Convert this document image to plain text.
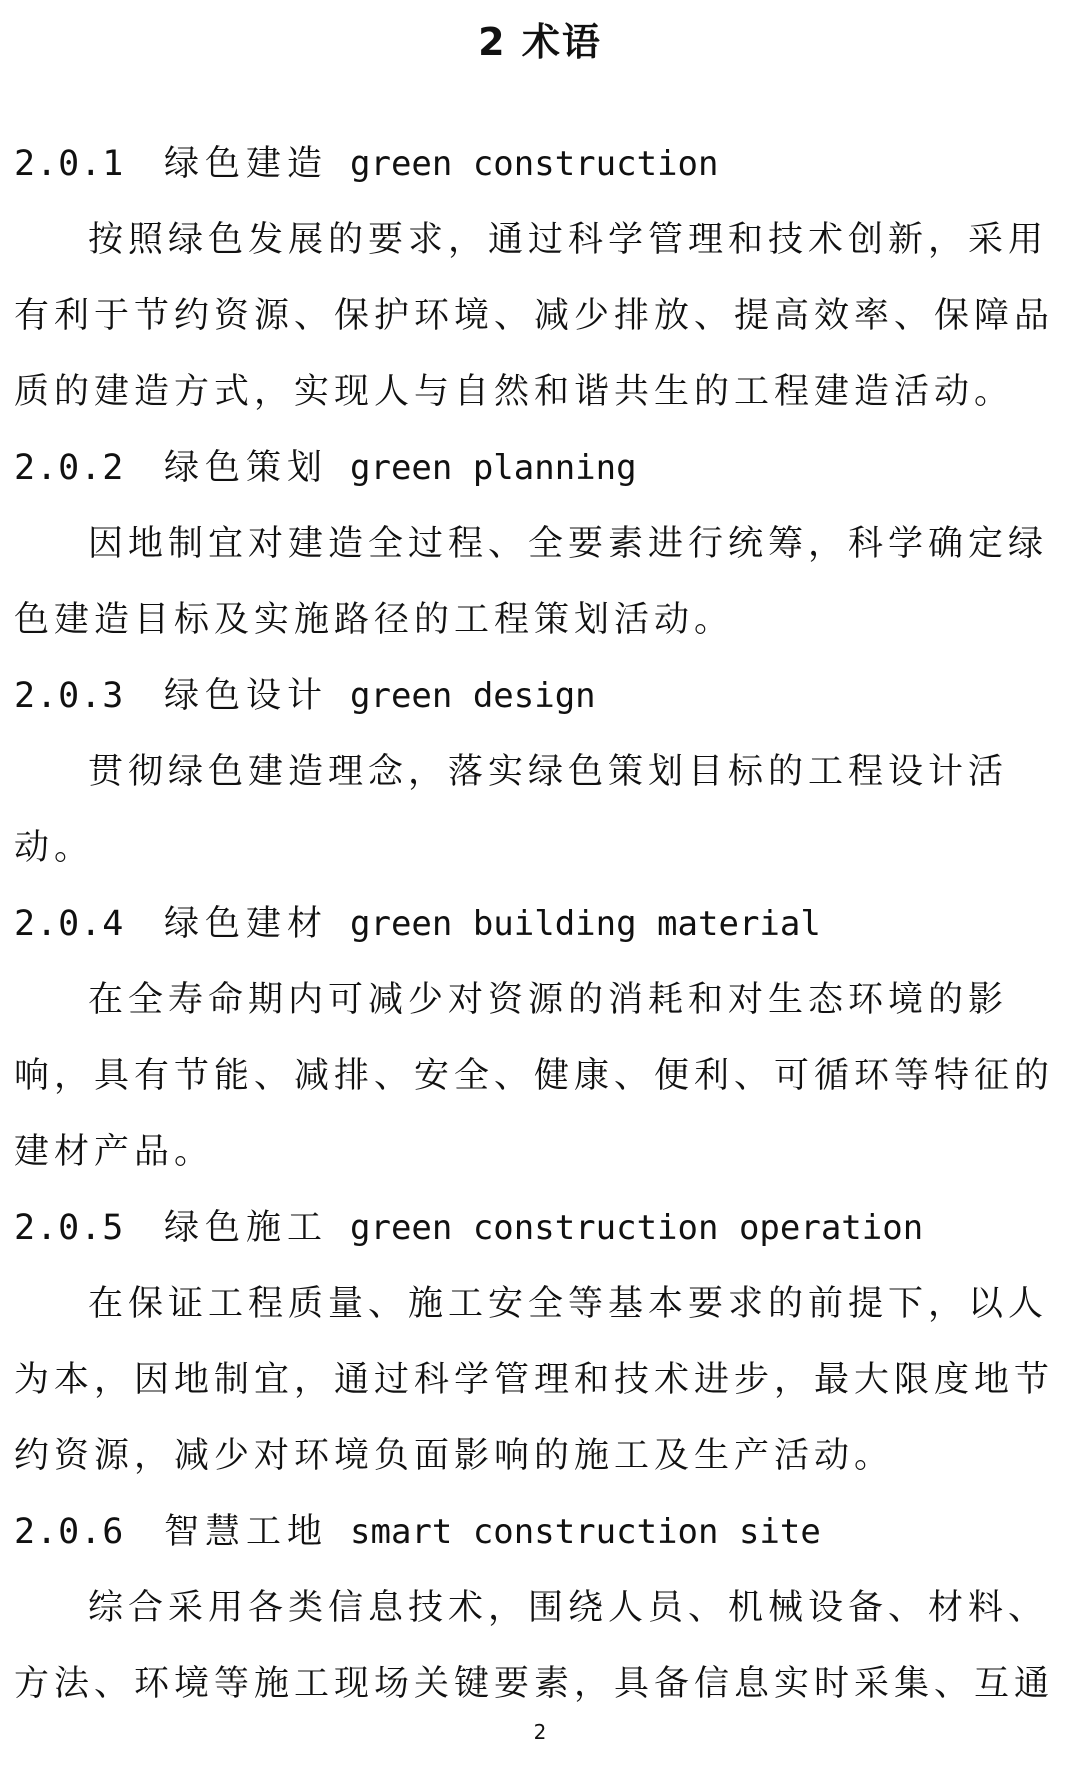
2 术语
2.0.1	绿色建造 green construction
按照绿色发展的要求，通过科学管理和技术创新，采用
有利于节约资源、保护环境、减少排放、提高效率、保障品
质的建造方式，实现人与自然和谐共生的工程建造活动。
2.0.2	绿色策划 green planning
因地制宜对建造全过程、全要素进行统筹，科学确定绿
色建造目标及实施路径的工程策划活动。
2.0.3	绿色设计 green design
贯彻绿色建造理念，落实绿色策划目标的工程设计活
动。
2.0.4	绿色建材 green building material
在全寿命期内可减少对资源的消耗和对生态环境的影
响，具有节能、减排、安全、健康、便利、可循环等特征的
建材产品。
2.0.5	绿色施工 green construction operation
在保证工程质量、施工安全等基本要求的前提下，以人
为本，因地制宜，通过科学管理和技术进步，最大限度地节
约资源，减少对环境负面影响的施工及生产活动。
2.0.6	智慧工地 smart construction site
综合采用各类信息技术，围绕人员、机械设备、材料、
方法、环境等施工现场关键要素，具备信息实时采集、互通
2
